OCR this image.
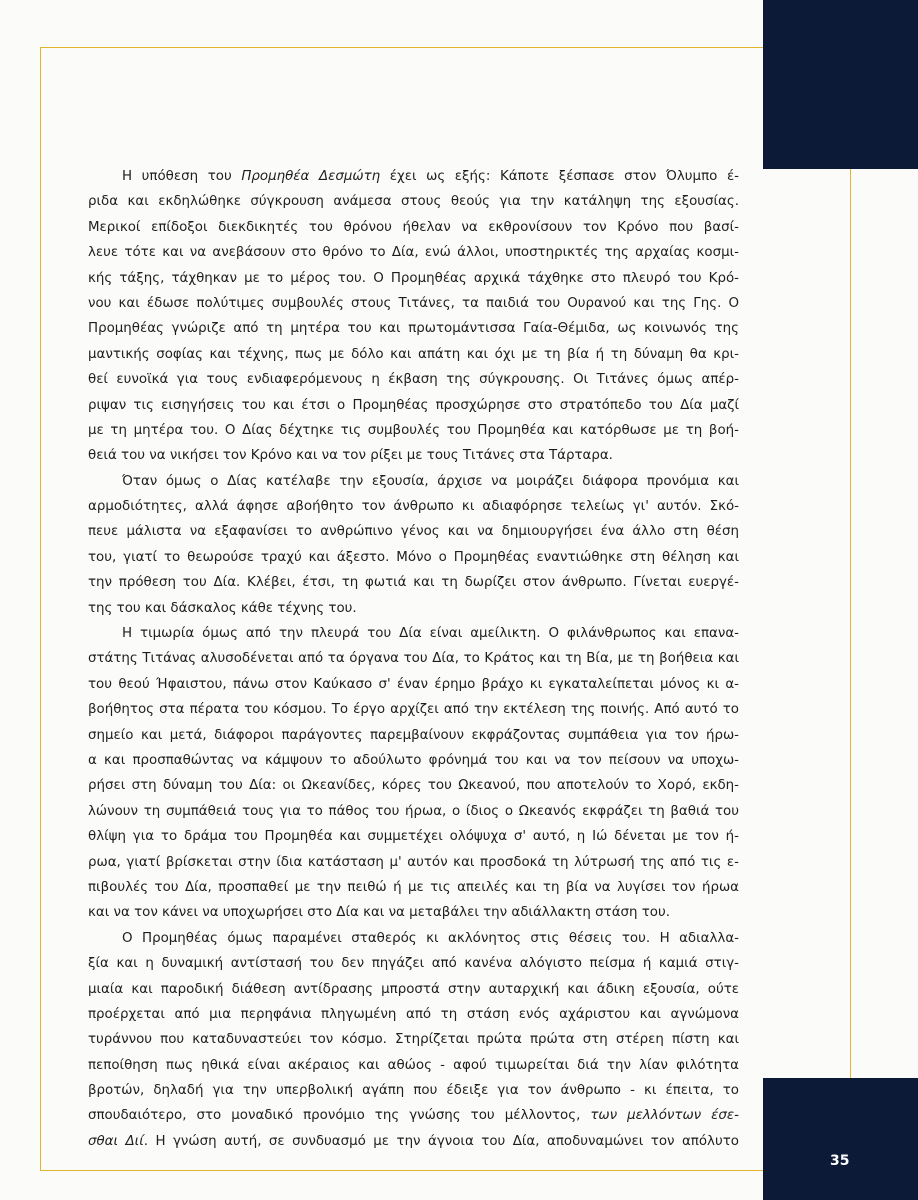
35
Η υπόθεση του Προμηθέα Δεσμώτη έχει ως εξής: Κάποτε ξέσπασε στον Όλυμπο έ-
ριδα και εκδηλώθηκε σύγκρουση ανάμεσα στους θεούς για την κατάληψη της εξουσίας.
Μερικοί επίδοξοι διεκδικητές του θρόνου ήθελαν να εκθρονίσουν τον Κρόνο που βασί-
λευε τότε και να ανεβάσουν στο θρόνο το Δία, ενώ άλλοι, υποστηρικτές της αρχαίας κοσμι-
κής τάξης, τάχθηκαν με το μέρος του. Ο Προμηθέας αρχικά τάχθηκε στο πλευρό του Κρό-
νου και έδωσε πολύτιμες συμβουλές στους Τιτάνες, τα παιδιά του Ουρανού και της Γης. Ο
Προμηθέας γνώριζε από τη μητέρα του και πρωτομάντισσα Γαία-Θέμιδα, ως κοινωνός της
μαντικής σοφίας και τέχνης, πως με δόλο και απάτη και όχι με τη βία ή τη δύναμη θα κρι-
θεί ευνοϊκά για τους ενδιαφερόμενους η έκβαση της σύγκρουσης. Οι Τιτάνες όμως απέρ-
ριψαν τις εισηγήσεις του και έτσι ο Προμηθέας προσχώρησε στο στρατόπεδο του Δία μαζί
με τη μητέρα του. Ο Δίας δέχτηκε τις συμβουλές του Προμηθέα και κατόρθωσε με τη βοή-
θειά του να νικήσει τον Κρόνο και να τον ρίξει με τους Τιτάνες στα Τάρταρα.
Όταν όμως ο Δίας κατέλαβε την εξουσία, άρχισε να μοιράζει διάφορα προνόμια και
αρμοδιότητες, αλλά άφησε αβοήθητο τον άνθρωπο κι αδιαφόρησε τελείως γι' αυτόν. Σκό-
πευε μάλιστα να εξαφανίσει το ανθρώπινο γένος και να δημιουργήσει ένα άλλο στη θέση
του, γιατί το θεωρούσε τραχύ και άξεστο. Μόνο ο Προμηθέας εναντιώθηκε στη θέληση και
την πρόθεση του Δία. Κλέβει, έτσι, τη φωτιά και τη δωρίζει στον άνθρωπο. Γίνεται ευεργέ-
της του και δάσκαλος κάθε τέχνης του.
Η τιμωρία όμως από την πλευρά του Δία είναι αμείλικτη. Ο φιλάνθρωπος και επανα-
στάτης Τιτάνας αλυσοδένεται από τα όργανα του Δία, το Κράτος και τη Βία, με τη βοήθεια και
του θεού Ήφαιστου, πάνω στον Καύκασο σ' έναν έρημο βράχο κι εγκαταλείπεται μόνος κι α-
βοήθητος στα πέρατα του κόσμου. Το έργο αρχίζει από την εκτέλεση της ποινής. Από αυτό το
σημείο και μετά, διάφοροι παράγοντες παρεμβαίνουν εκφράζοντας συμπάθεια για τον ήρω-
α και προσπαθώντας να κάμψουν το αδούλωτο φρόνημά του και να τον πείσουν να υποχω-
ρήσει στη δύναμη του Δία: οι Ωκεανίδες, κόρες του Ωκεανού, που αποτελούν το Χορό, εκδη-
λώνουν τη συμπάθειά τους για το πάθος του ήρωα, ο ίδιος ο Ωκεανός εκφράζει τη βαθιά του
θλίψη για το δράμα του Προμηθέα και συμμετέχει ολόψυχα σ' αυτό, η Ιώ δένεται με τον ή-
ρωα, γιατί βρίσκεται στην ίδια κατάσταση μ' αυτόν και προσδοκά τη λύτρωσή της από τις ε-
πιβουλές του Δία, προσπαθεί με την πειθώ ή με τις απειλές και τη βία να λυγίσει τον ήρωα
και να τον κάνει να υποχωρήσει στο Δία και να μεταβάλει την αδιάλλακτη στάση του.
Ο Προμηθέας όμως παραμένει σταθερός κι ακλόνητος στις θέσεις του. Η αδιαλλα-
ξία και η δυναμική αντίστασή του δεν πηγάζει από κανένα αλόγιστο πείσμα ή καμιά στιγ-
μιαία και παροδική διάθεση αντίδρασης μπροστά στην αυταρχική και άδικη εξουσία, ούτε
προέρχεται από μια περηφάνια πληγωμένη από τη στάση ενός αχάριστου και αγνώμονα
τυράννου που καταδυναστεύει τον κόσμο. Στηρίζεται πρώτα πρώτα στη στέρεη πίστη και
πεποίθηση πως ηθικά είναι ακέραιος και αθώος - αφού τιμωρείται διά την λίαν φιλότητα
βροτών, δηλαδή για την υπερβολική αγάπη που έδειξε για τον άνθρωπο - κι έπειτα, το
σπουδαιότερο, στο μοναδικό προνόμιο της γνώσης του μέλλοντος, των μελλόντων έσε-
σθαι Διί. Η γνώση αυτή, σε συνδυασμό με την άγνοια του Δία, αποδυναμώνει τον απόλυτο
